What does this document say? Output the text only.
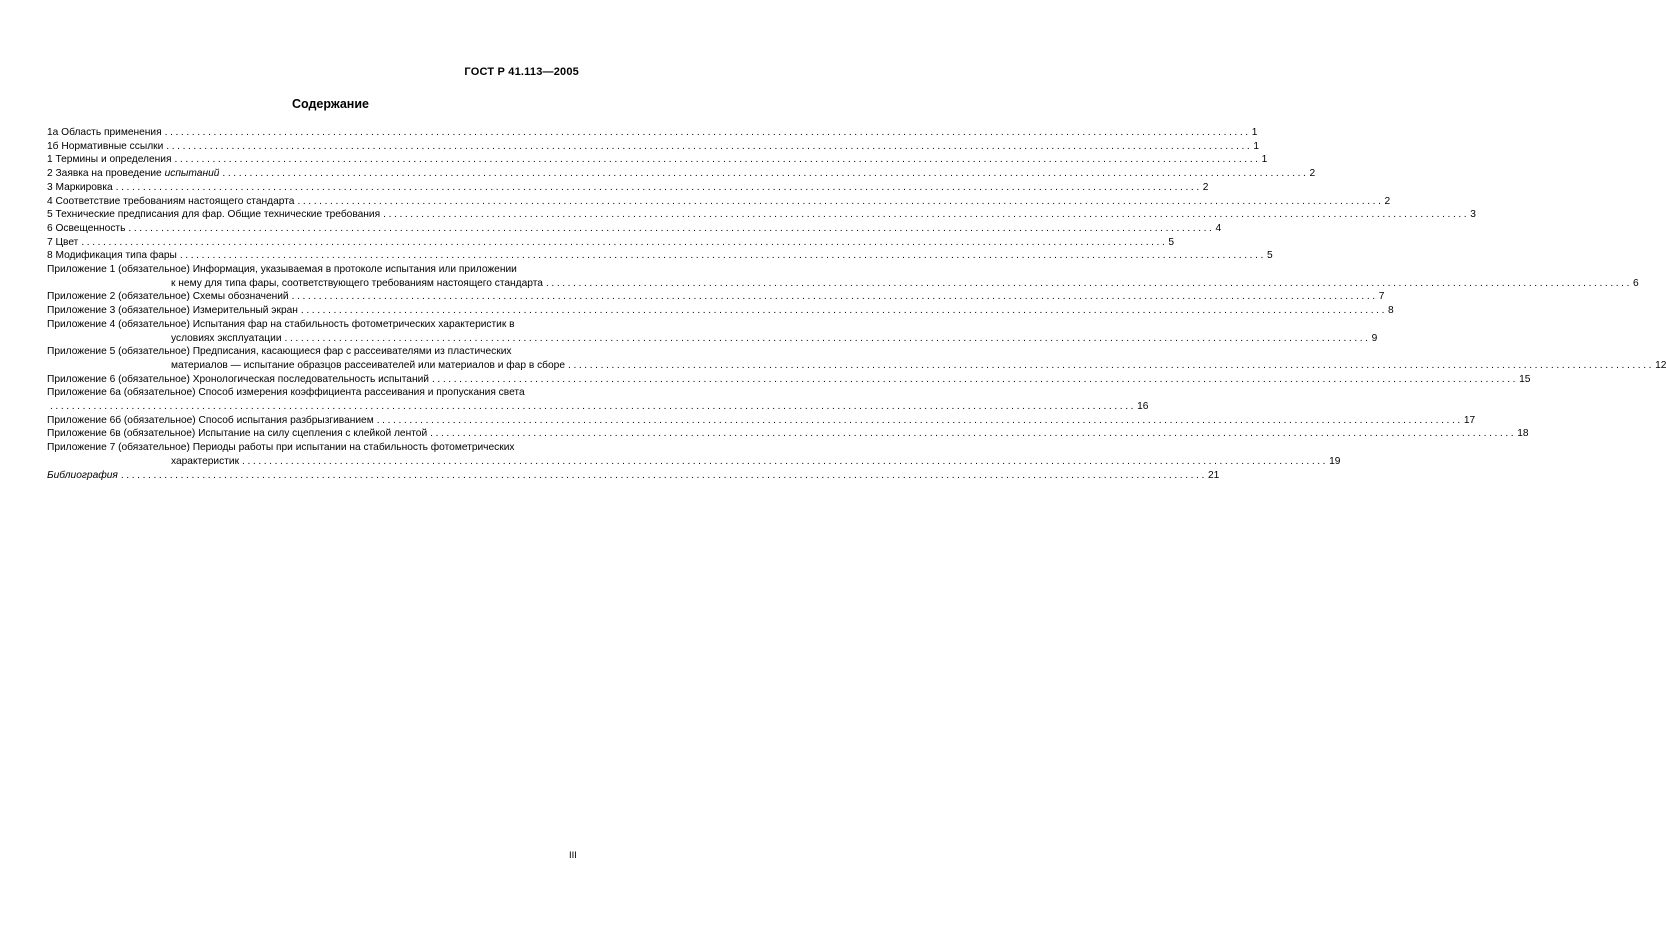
ГОСТ Р 41.113—2005
Содержание
1а Область применения ........................................................................................................................................................................................................ 1
1б Нормативные ссылки ........................................................................................................................................................................................................ 1
1 Термины и определения ........................................................................................................................................................................................................ 1
2 Заявка на проведение испытаний ........................................................................................................................................................................................................ 2
3 Маркировка ........................................................................................................................................................................................................ 2
4 Соответствие требованиям настоящего стандарта ........................................................................................................................................................................................................ 2
5 Технические предписания для фар. Общие технические требования ........................................................................................................................................................................................................ 3
6 Освещенность ........................................................................................................................................................................................................ 4
7 Цвет ........................................................................................................................................................................................................ 5
8 Модификация типа фары ........................................................................................................................................................................................................ 5
Приложение 1 (обязательное) Информация, указываемая в протоколе испытания или приложении
к нему для типа фары, соответствующего требованиям настоящего стандарта ........................................................................................................................................................................................................ 6
Приложение 2 (обязательное) Схемы обозначений ........................................................................................................................................................................................................ 7
Приложение 3 (обязательное) Измерительный экран ........................................................................................................................................................................................................ 8
Приложение 4 (обязательное) Испытания фар на стабильность фотометрических характеристик в
условиях эксплуатации ........................................................................................................................................................................................................ 9
Приложение 5 (обязательное) Предписания, касающиеся фар с рассеивателями из пластических
материалов — испытание образцов рассеивателей или материалов и фар в сборе ........................................................................................................................................................................................................ 12
Приложение 6 (обязательное) Хронологическая последовательность испытаний ........................................................................................................................................................................................................ 15
Приложение 6а (обязательное) Способ измерения коэффициента рассеивания и пропускания света
........................................................................................................................................................................................................ 16
Приложение 6б (обязательное) Способ испытания разбрызгиванием ........................................................................................................................................................................................................ 17
Приложение 6в (обязательное) Испытание на силу сцепления с клейкой лентой ........................................................................................................................................................................................................ 18
Приложение 7 (обязательное) Периоды работы при испытании на стабильность фотометрических
характеристик ........................................................................................................................................................................................................ 19
Библиография ........................................................................................................................................................................................................ 21
III
